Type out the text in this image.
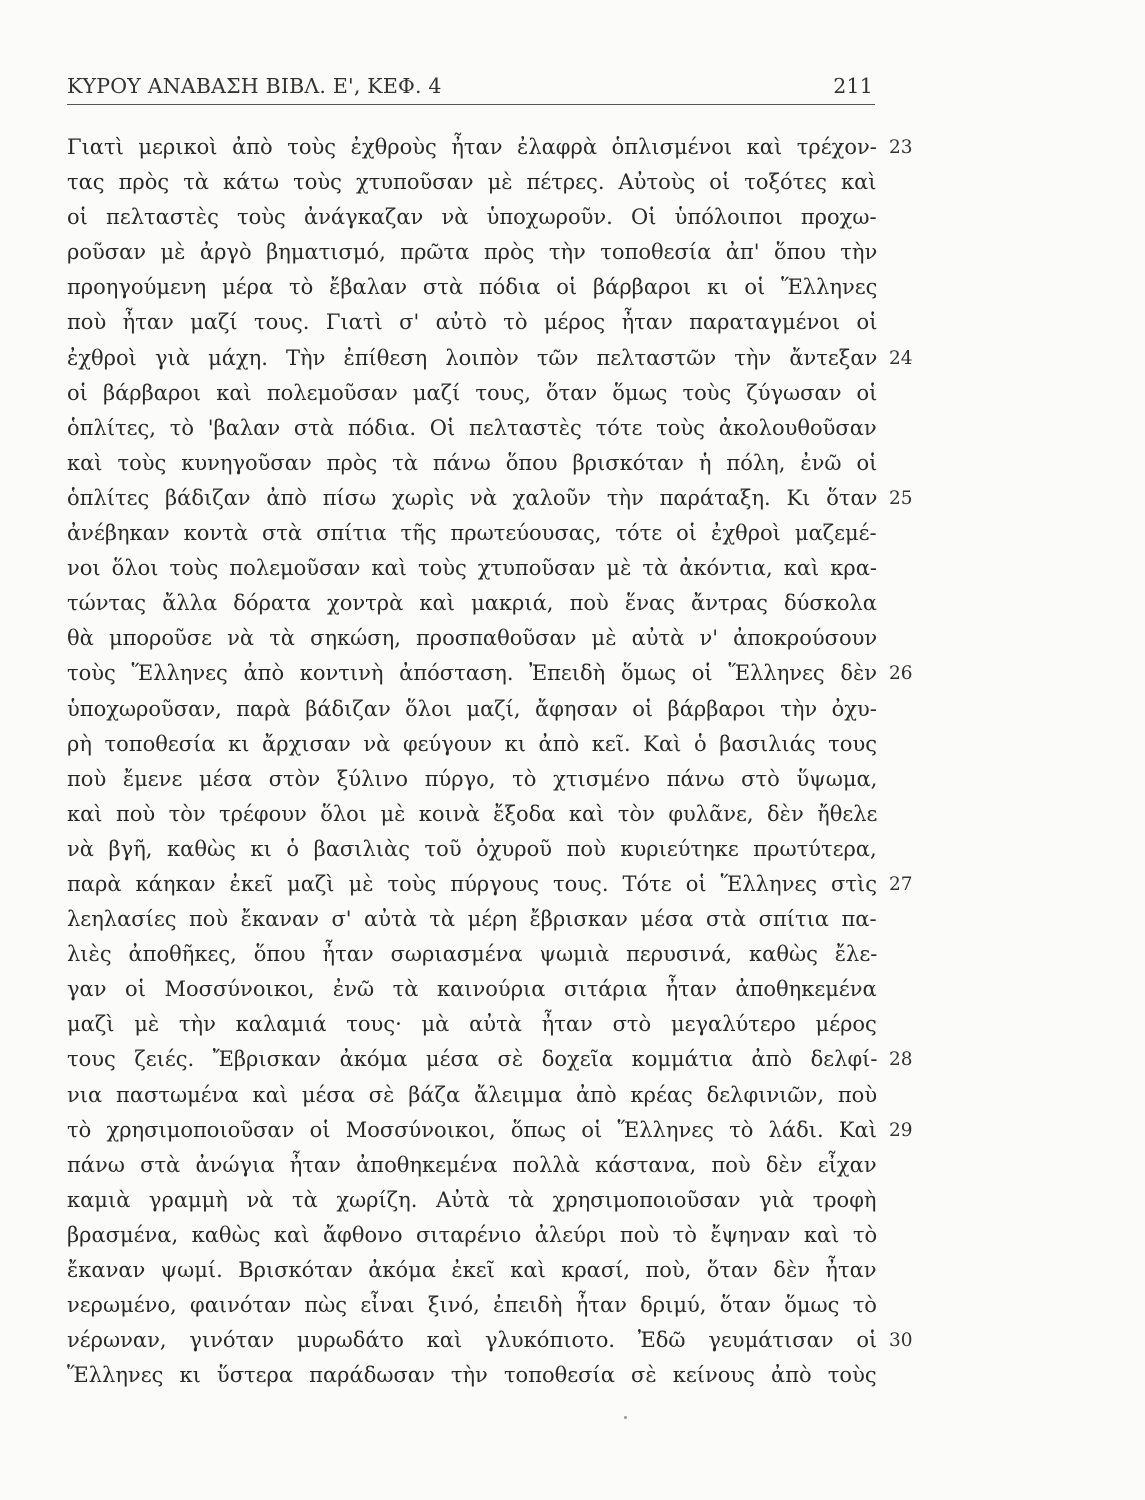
ΚΥΡΟΥ ΑΝΑΒΑΣΗ ΒΙΒΛ. Ε', ΚΕΦ. 4	211
Γιατὶ μερικοὶ ἀπὸ τοὺς ἐχθροὺς ἦταν ἐλαφρὰ ὁπλισμένοι καὶ τρέχον- 23
τας πρὸς τὰ κάτω τοὺς χτυποῦσαν μὲ πέτρες. Αὐτοὺς οἱ τοξότες καὶ
οἱ πελταστὲς τοὺς ἀνάγκαζαν νὰ ὑποχωροῦν. Οἱ ὑπόλοιποι προχω-
ροῦσαν μὲ ἀργὸ βηματισμό, πρῶτα πρὸς τὴν τοποθεσία ἀπ' ὅπου τὴν
προηγούμενη μέρα τὸ ἔβαλαν στὰ πόδια οἱ βάρβαροι κι οἱ Ἕλληνες
ποὺ ἦταν μαζί τους. Γιατὶ σ' αὐτὸ τὸ μέρος ἦταν παραταγμένοι οἱ
ἐχθροὶ γιὰ μάχη. Τὴν ἐπίθεση λοιπὸν τῶν πελταστῶν τὴν ἄντεξαν 24
οἱ βάρβαροι καὶ πολεμοῦσαν μαζί τους, ὅταν ὅμως τοὺς ζύγωσαν οἱ
ὁπλίτες, τὸ 'βαλαν στὰ πόδια. Οἱ πελταστὲς τότε τοὺς ἀκολουθοῦσαν
καὶ τοὺς κυνηγοῦσαν πρὸς τὰ πάνω ὅπου βρισκόταν ἡ πόλη, ἐνῶ οἱ
ὁπλίτες βάδιζαν ἀπὸ πίσω χωρὶς νὰ χαλοῦν τὴν παράταξη. Κι ὅταν 25
ἀνέβηκαν κοντὰ στὰ σπίτια τῆς πρωτεύουσας, τότε οἱ ἐχθροὶ μαζεμέ-
νοι ὅλοι τοὺς πολεμοῦσαν καὶ τοὺς χτυποῦσαν μὲ τὰ ἀκόντια, καὶ κρα-
τώντας ἄλλα δόρατα χοντρὰ καὶ μακριά, ποὺ ἕνας ἄντρας δύσκολα
θὰ μποροῦσε νὰ τὰ σηκώση, προσπαθοῦσαν μὲ αὐτὰ ν' ἀποκρούσουν
τοὺς Ἕλληνες ἀπὸ κοντινὴ ἀπόσταση. Ἐπειδὴ ὅμως οἱ Ἕλληνες δὲν 26
ὑποχωροῦσαν, παρὰ βάδιζαν ὅλοι μαζί, ἄφησαν οἱ βάρβαροι τὴν ὀχυ-
ρὴ τοποθεσία κι ἄρχισαν νὰ φεύγουν κι ἀπὸ κεῖ. Καὶ ὁ βασιλιάς τους
ποὺ ἔμενε μέσα στὸν ξύλινο πύργο, τὸ χτισμένο πάνω στὸ ὕψωμα,
καὶ ποὺ τὸν τρέφουν ὅλοι μὲ κοινὰ ἔξοδα καὶ τὸν φυλᾶνε, δὲν ἤθελε
νὰ βγῆ, καθὼς κι ὁ βασιλιὰς τοῦ ὀχυροῦ ποὺ κυριεύτηκε πρωτύτερα,
παρὰ κάηκαν ἐκεῖ μαζὶ μὲ τοὺς πύργους τους. Τότε οἱ Ἕλληνες στὶς 27
λεηλασίες ποὺ ἔκαναν σ' αὐτὰ τὰ μέρη ἔβρισκαν μέσα στὰ σπίτια πα-
λιὲς ἀποθῆκες, ὅπου ἦταν σωριασμένα ψωμιὰ περυσινά, καθὼς ἔλε-
γαν οἱ Μοσσύνοικοι, ἐνῶ τὰ καινούρια σιτάρια ἦταν ἀποθηκεμένα
μαζὶ μὲ τὴν καλαμιά τους· μὰ αὐτὰ ἦταν στὸ μεγαλύτερο μέρος
τους ζειές. Ἔβρισκαν ἀκόμα μέσα σὲ δοχεῖα κομμάτια ἀπὸ δελφί- 28
νια παστωμένα καὶ μέσα σὲ βάζα ἄλειμμα ἀπὸ κρέας δελφινιῶν, ποὺ
τὸ χρησιμοποιοῦσαν οἱ Μοσσύνοικοι, ὅπως οἱ Ἕλληνες τὸ λάδι. Καὶ 29
πάνω στὰ ἀνώγια ἦταν ἀποθηκεμένα πολλὰ κάστανα, ποὺ δὲν εἶχαν
καμιὰ γραμμὴ νὰ τὰ χωρίζη. Αὐτὰ τὰ χρησιμοποιοῦσαν γιὰ τροφὴ
βρασμένα, καθὼς καὶ ἄφθονο σιταρένιο ἀλεύρι ποὺ τὸ ἔψηναν καὶ τὸ
ἔκαναν ψωμί. Βρισκόταν ἀκόμα ἐκεῖ καὶ κρασί, ποὺ, ὅταν δὲν ἦταν
νερωμένο, φαινόταν πὼς εἶναι ξινό, ἐπειδὴ ἦταν δριμύ, ὅταν ὅμως τὸ
νέρωναν, γινόταν μυρωδάτο καὶ γλυκόπιοτο. Ἐδῶ γευμάτισαν οἱ 30
Ἕλληνες κι ὕστερα παράδωσαν τὴν τοποθεσία σὲ κείνους ἀπὸ τοὺς
